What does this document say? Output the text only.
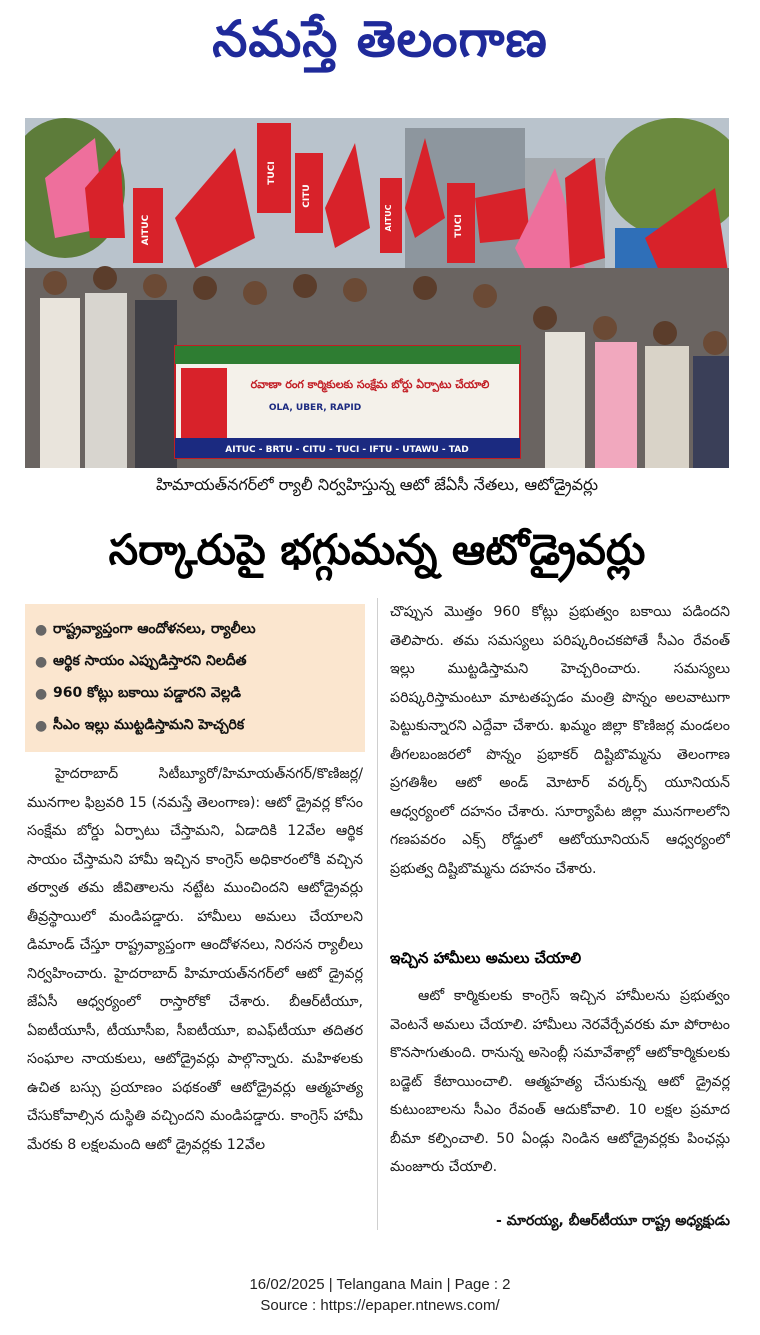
నమస్తే తెలంగాణ
AITUC
TUCI
CITU
AITUC	TUCI
రవాణా రంగ కార్మికులకు సంక్షేమ బోర్డు ఏర్పాటు చేయాలి
OLA, UBER, RAPID
AITUC - BRTU - CITU - TUCI - IFTU - UTAWU - TAD
హిమాయత్‌నగర్‌లో ర్యాలీ నిర్వహిస్తున్న ఆటో జేఏసీ నేతలు, ఆటోడ్రైవర్లు
సర్కారుపై భగ్గుమన్న ఆటోడ్రైవర్లు
● రాష్ట్రవ్యాప్తంగా ఆందోళనలు, ర్యాలీలు
● ఆర్థిక సాయం ఎప్పుడిస్తారని నిలదీత
● 960 కోట్లు బకాయి పడ్డారని వెల్లడి
● సీఎం ఇల్లు ముట్టడిస్తామని హెచ్చరిక

హైదరాబాద్ సిటీబ్యూరో/హిమాయత్‌నగర్/కొణిజర్ల/మునగాల ఫిబ్రవరి 15 (నమస్తే తెలంగాణ): ఆటో డ్రైవర్ల కోసం సంక్షేమ బోర్డు ఏర్పాటు చేస్తామని, ఏడాదికి 12వేల ఆర్థిక సాయం చేస్తామని హామీ ఇచ్చిన కాంగ్రెస్ అధికారంలోకి వచ్చిన తర్వాత తమ జీవితాలను నట్టేట ముంచిందని ఆటోడ్రైవర్లు తీవ్రస్థాయిలో మండిపడ్డారు. హామీలు అమలు చేయాలని డిమాండ్ చేస్తూ రాష్ట్రవ్యాప్తంగా ఆందోళనలు, నిరసన ర్యాలీలు నిర్వహించారు. హైదరాబాద్ హిమాయత్‌నగర్‌లో ఆటో డ్రైవర్ల జేఏసీ ఆధ్వర్యంలో రాస్తారోకో చేశారు. బీఆర్‌టీయూ, ఏఐటీయూసీ, టీయూసీఐ, సీఐటీయూ, ఐఎఫ్‌టీయూ తదితర సంఘాల నాయకులు, ఆటోడ్రైవర్లు పాల్గొన్నారు. మహిళలకు ఉచిత బస్సు ప్రయాణం పథకంతో ఆటోడ్రైవర్లు ఆత్మహత్య చేసుకోవాల్సిన దుస్థితి వచ్చిందని మండిపడ్డారు. కాంగ్రెస్ హామీ మేరకు 8 లక్షలమంది ఆటో డ్రైవర్లకు 12వేల

చొప్పున మొత్తం 960 కోట్లు ప్రభుత్వం బకాయి పడిందని తెలిపారు. తమ సమస్యలు పరిష్కరించకపోతే సీఎం రేవంత్ ఇల్లు ముట్టడిస్తామని హెచ్చరించారు. సమస్యలు పరిష్కరిస్తామంటూ మాటతప్పడం మంత్రి పొన్నం అలవాటుగా పెట్టుకున్నారని ఎద్దేవా చేశారు. ఖమ్మం జిల్లా కొణిజర్ల మండలం తీగలబంజరలో పొన్నం ప్రభాకర్ దిష్టిబొమ్మను తెలంగాణ ప్రగతిశీల ఆటో అండ్ మోటార్ వర్కర్స్ యూనియన్ ఆధ్వర్యంలో దహనం చేశారు. సూర్యాపేట జిల్లా మునగాలలోని గణపవరం ఎక్స్ రోడ్డులో ఆటోయూనియన్ ఆధ్వర్యంలో ప్రభుత్వ దిష్టిబొమ్మను దహనం చేశారు.

ఇచ్చిన హామీలు అమలు చేయాలి

ఆటో కార్మికులకు కాంగ్రెస్ ఇచ్చిన హామీలను ప్రభుత్వం వెంటనే అమలు చేయాలి. హామీలు నెరవేర్చేవరకు మా పోరాటం కొనసాగుతుంది. రానున్న అసెంబ్లీ సమావేశాల్లో ఆటోకార్మికులకు బడ్జెట్ కేటాయించాలి. ఆత్మహత్య చేసుకున్న ఆటో డ్రైవర్ల కుటుంబాలను సీఎం రేవంత్ ఆదుకోవాలి. 10 లక్షల ప్రమాద బీమా కల్పించాలి. 50 ఏండ్లు నిండిన ఆటోడ్రైవర్లకు పింఛన్లు మంజూరు చేయాలి.

- మారయ్య, బీఆర్‌టీయూ రాష్ట్ర అధ్యక్షుడు
16/02/2025 | Telangana Main | Page : 2
Source : https://epaper.ntnews.com/
